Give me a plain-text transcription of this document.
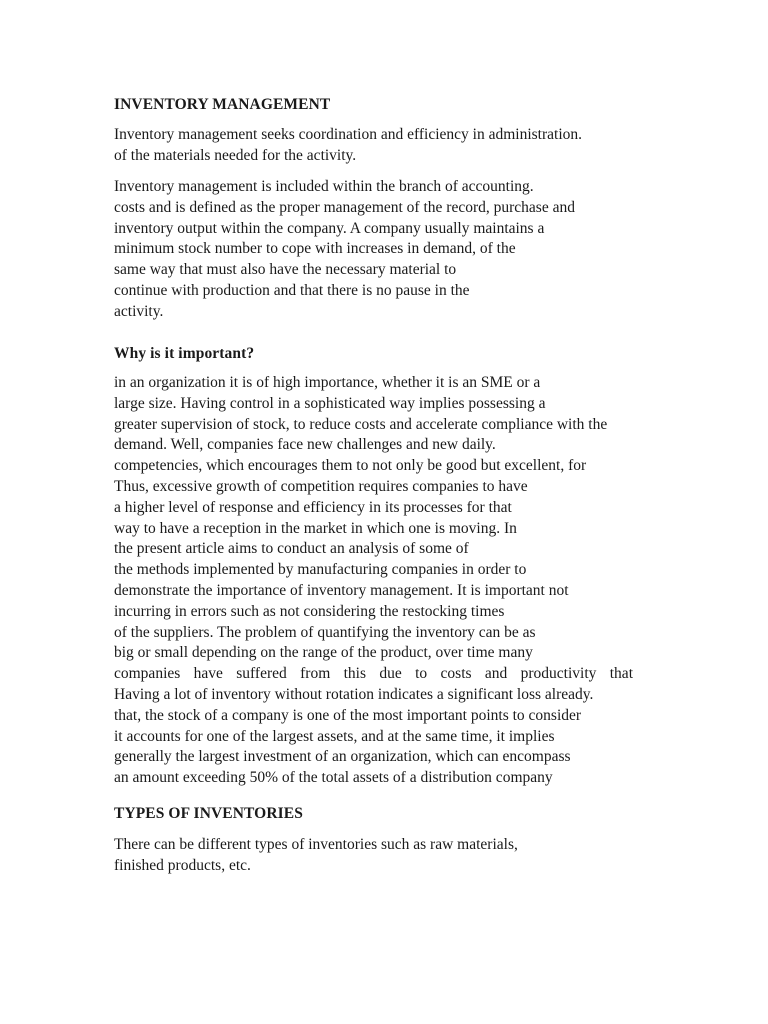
INVENTORY MANAGEMENT
Inventory management seeks coordination and efficiency in administration.
of the materials needed for the activity.
Inventory management is included within the branch of accounting.
costs and is defined as the proper management of the record, purchase and
inventory output within the company. A company usually maintains a
minimum stock number to cope with increases in demand, of the
same way that must also have the necessary material to
continue with production and that there is no pause in the
activity.
Why is it important?
in an organization it is of high importance, whether it is an SME or a
large size. Having control in a sophisticated way implies possessing a
greater supervision of stock, to reduce costs and accelerate compliance with the
demand. Well, companies face new challenges and new daily.
competencies, which encourages them to not only be good but excellent, for
Thus, excessive growth of competition requires companies to have
a higher level of response and efficiency in its processes for that
way to have a reception in the market in which one is moving. In
the present article aims to conduct an analysis of some of
the methods implemented by manufacturing companies in order to
demonstrate the importance of inventory management. It is important not
incurring in errors such as not considering the restocking times
of the suppliers. The problem of quantifying the inventory can be as
big or small depending on the range of the product, over time many
companies have suffered from this due to costs and productivity that
Having a lot of inventory without rotation indicates a significant loss already.
that, the stock of a company is one of the most important points to consider
it accounts for one of the largest assets, and at the same time, it implies
generally the largest investment of an organization, which can encompass
an amount exceeding 50% of the total assets of a distribution company
TYPES OF INVENTORIES
There can be different types of inventories such as raw materials,
finished products, etc.
